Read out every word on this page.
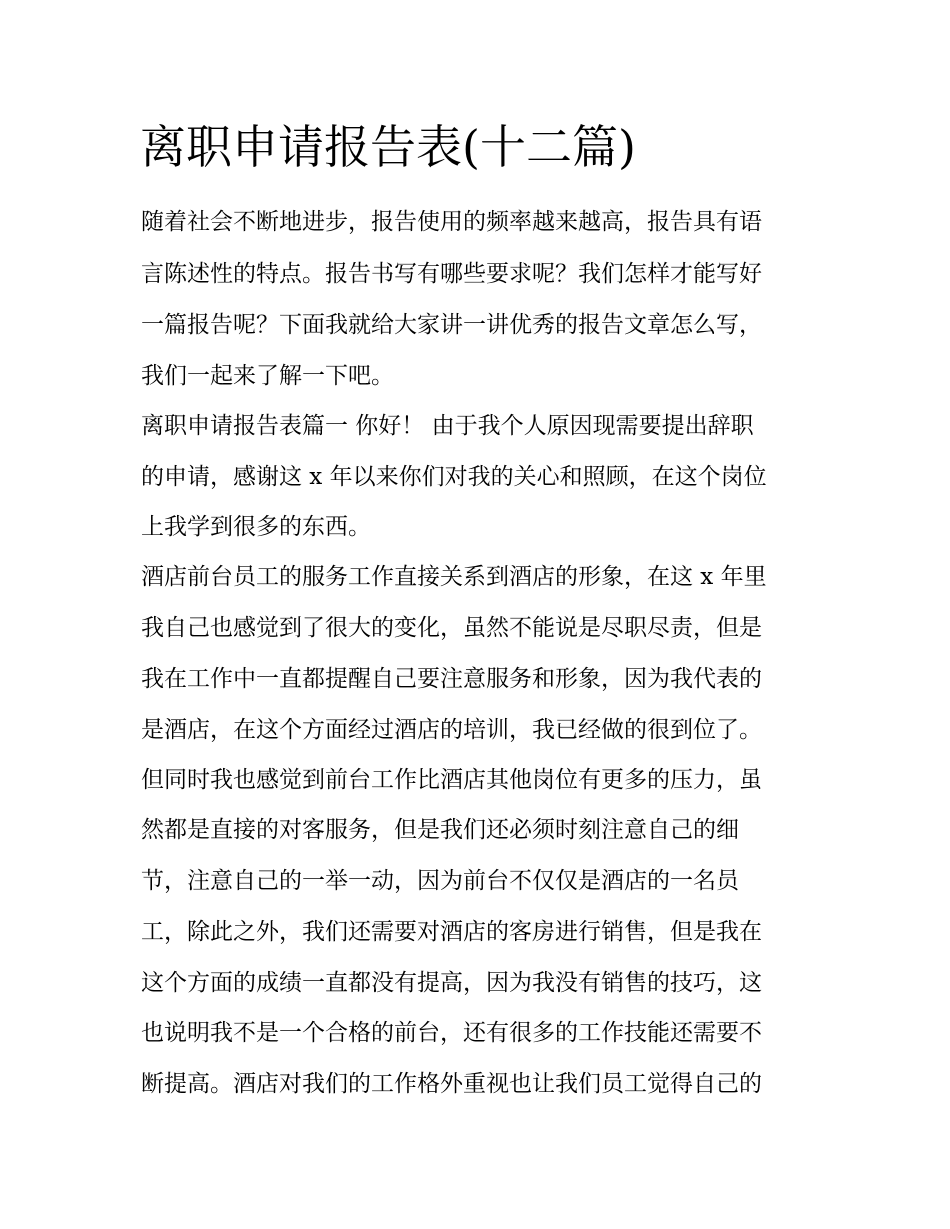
离职申请报告表(十二篇)

随着社会不断地进步，报告使用的频率越来越高，报告具有语

言陈述性的特点。报告书写有哪些要求呢？我们怎样才能写好

一篇报告呢？下面我就给大家讲一讲优秀的报告文章怎么写，

我们一起来了解一下吧。

离职申请报告表篇一 你好！ 由于我个人原因现需要提出辞职

的申请，感谢这 x 年以来你们对我的关心和照顾，在这个岗位

上我学到很多的东西。

酒店前台员工的服务工作直接关系到酒店的形象，在这 x 年里

我自己也感觉到了很大的变化，虽然不能说是尽职尽责，但是

我在工作中一直都提醒自己要注意服务和形象，因为我代表的

是酒店，在这个方面经过酒店的培训，我已经做的很到位了。

但同时我也感觉到前台工作比酒店其他岗位有更多的压力，虽

然都是直接的对客服务，但是我们还必须时刻注意自己的细

节，注意自己的一举一动，因为前台不仅仅是酒店的一名员

工，除此之外，我们还需要对酒店的客房进行销售，但是我在

这个方面的成绩一直都没有提高，因为我没有销售的技巧，这

也说明我不是一个合格的前台，还有很多的工作技能还需要不

断提高。酒店对我们的工作格外重视也让我们员工觉得自己的
